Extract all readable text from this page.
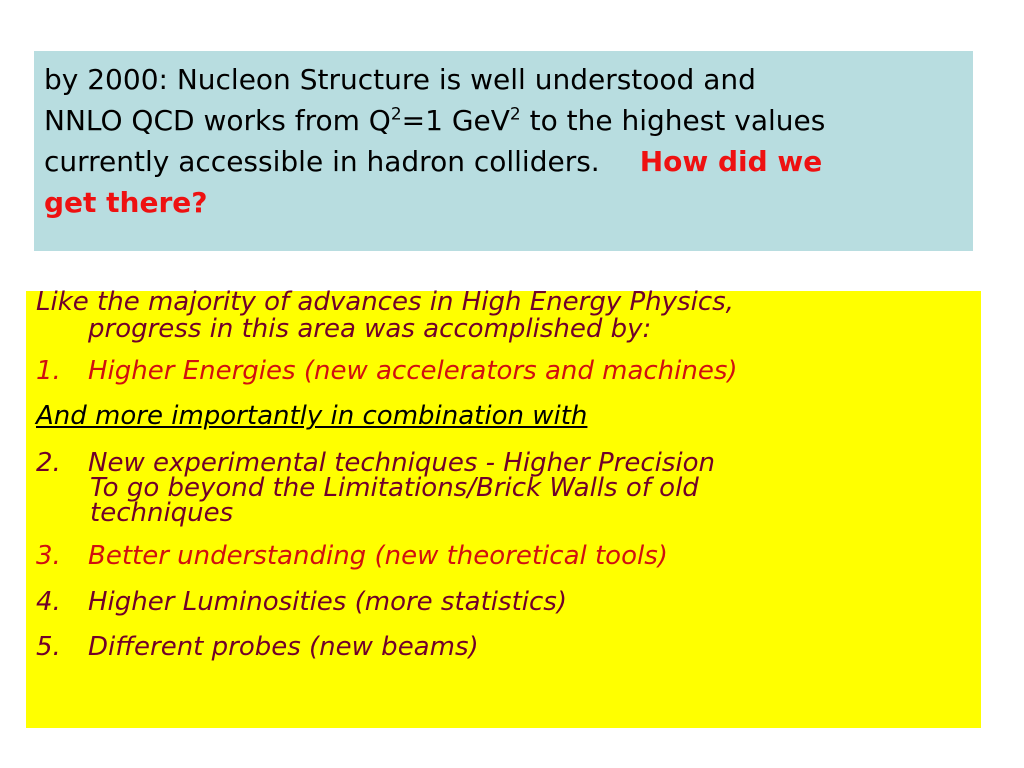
by 2000: Nucleon Structure is well understood and
NNLO QCD works from $Q^2=1$ GeV$^2$ to the highest values
currently accessible in hadron colliders. How did we
get there?
Like the majority of advances in High Energy Physics,
progress in this area was accomplished by:
1. Higher Energies (new accelerators and machines)
And more importantly in combination with
2. New experimental techniques - Higher Precision
To go beyond the Limitations/Brick Walls of old
techniques
3. Better understanding (new theoretical tools)
4. Higher Luminosities (more statistics)
5. Different probes (new beams)
